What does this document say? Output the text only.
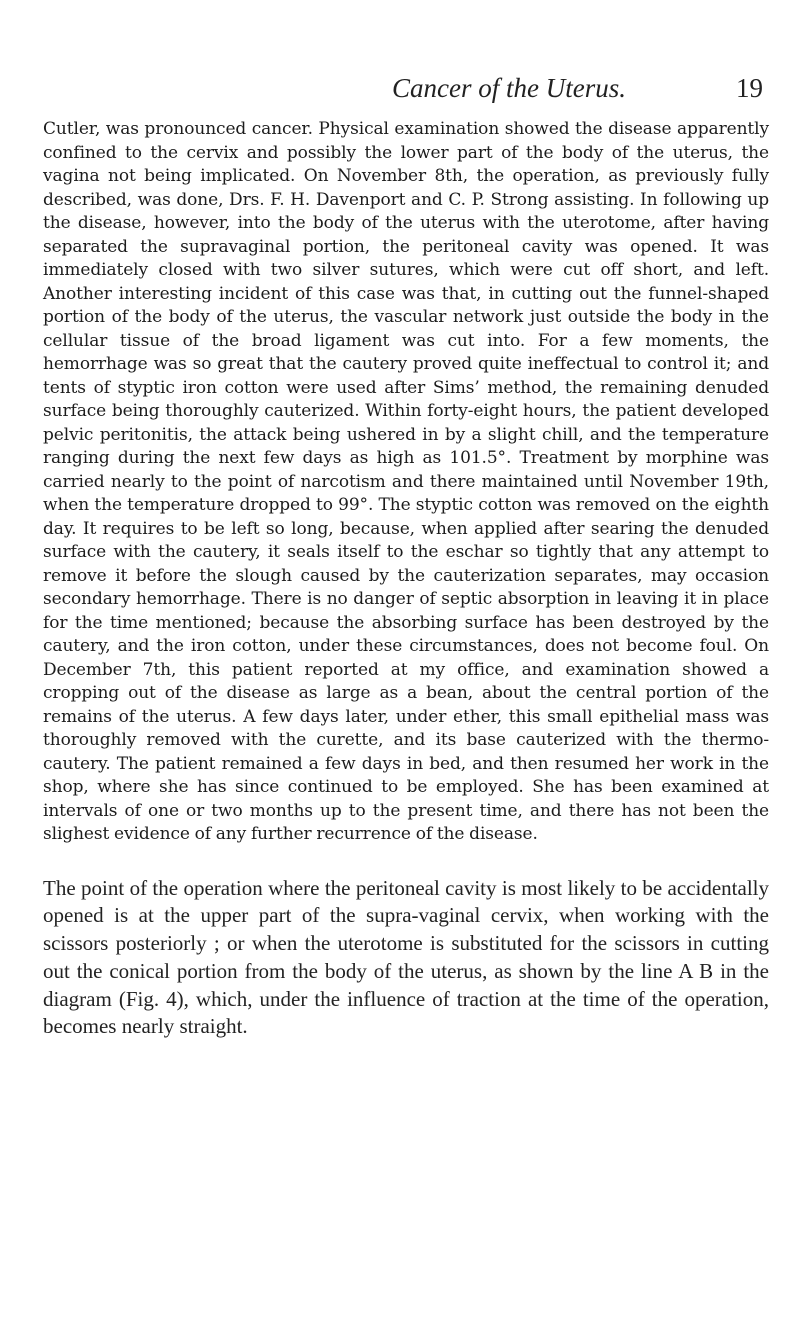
Cancer of the Uterus.	19

Cutler, was pronounced cancer. Physical examination showed the disease apparently confined to the cervix and possibly the lower part of the body of the uterus, the vagina not being implicated. On November 8th, the operation, as previously fully described, was done, Drs. F. H. Davenport and C. P. Strong assisting. In following up the disease, however, into the body of the uterus with the uterotome, after having separated the supravaginal portion, the peritoneal cavity was opened. It was immediately closed with two silver sutures, which were cut off short, and left. Another interesting incident of this case was that, in cutting out the funnel-shaped portion of the body of the uterus, the vascular network just outside the body in the cellular tissue of the broad ligament was cut into. For a few moments, the hemorrhage was so great that the cautery proved quite ineffectual to control it; and tents of styptic iron cotton were used after Sims’ method, the remaining denuded surface being thoroughly cauterized. Within forty-eight hours, the patient developed pelvic peritonitis, the attack being ushered in by a slight chill, and the temperature ranging during the next few days as high as 101.5°. Treatment by morphine was carried nearly to the point of narcotism and there maintained until November 19th, when the temperature dropped to 99°. The styptic cotton was removed on the eighth day. It requires to be left so long, because, when applied after searing the denuded surface with the cautery, it seals itself to the eschar so tightly that any attempt to remove it before the slough caused by the cauterization separates, may occasion secondary hemorrhage. There is no danger of septic absorption in leaving it in place for the time mentioned; because the absorbing surface has been destroyed by the cautery, and the iron cotton, under these circumstances, does not become foul. On December 7th, this patient reported at my office, and examination showed a cropping out of the disease as large as a bean, about the central portion of the remains of the uterus. A few days later, under ether, this small epithelial mass was thoroughly removed with the curette, and its base cauterized with the thermo-cautery. The patient remained a few days in bed, and then resumed her work in the shop, where she has since continued to be employed. She has been examined at intervals of one or two months up to the present time, and there has not been the slighest evidence of any further recurrence of the disease.

The point of the operation where the peritoneal cavity is most likely to be accidentally opened is at the upper part of the supra-vaginal cervix, when working with the scissors posteriorly ; or when the uterotome is substituted for the scissors in cutting out the conical portion from the body of the uterus, as shown by the line A B in the diagram (Fig. 4), which, under the influence of traction at the time of the operation, becomes nearly straight.
